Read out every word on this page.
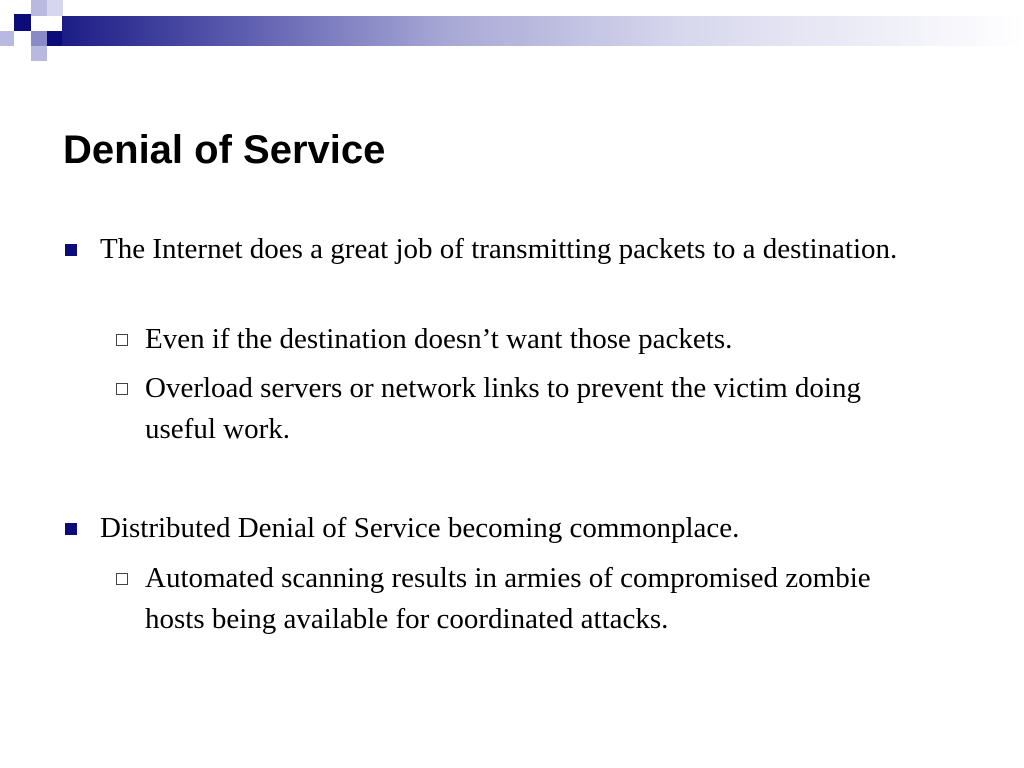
Denial of Service

The Internet does a great job of transmitting packets to a destination.

Even if the destination doesn’t want those packets.

Overload servers or network links to prevent the victim doing useful work.

Distributed Denial of Service becoming commonplace.

Automated scanning results in armies of compromised zombie hosts being available for coordinated attacks.
